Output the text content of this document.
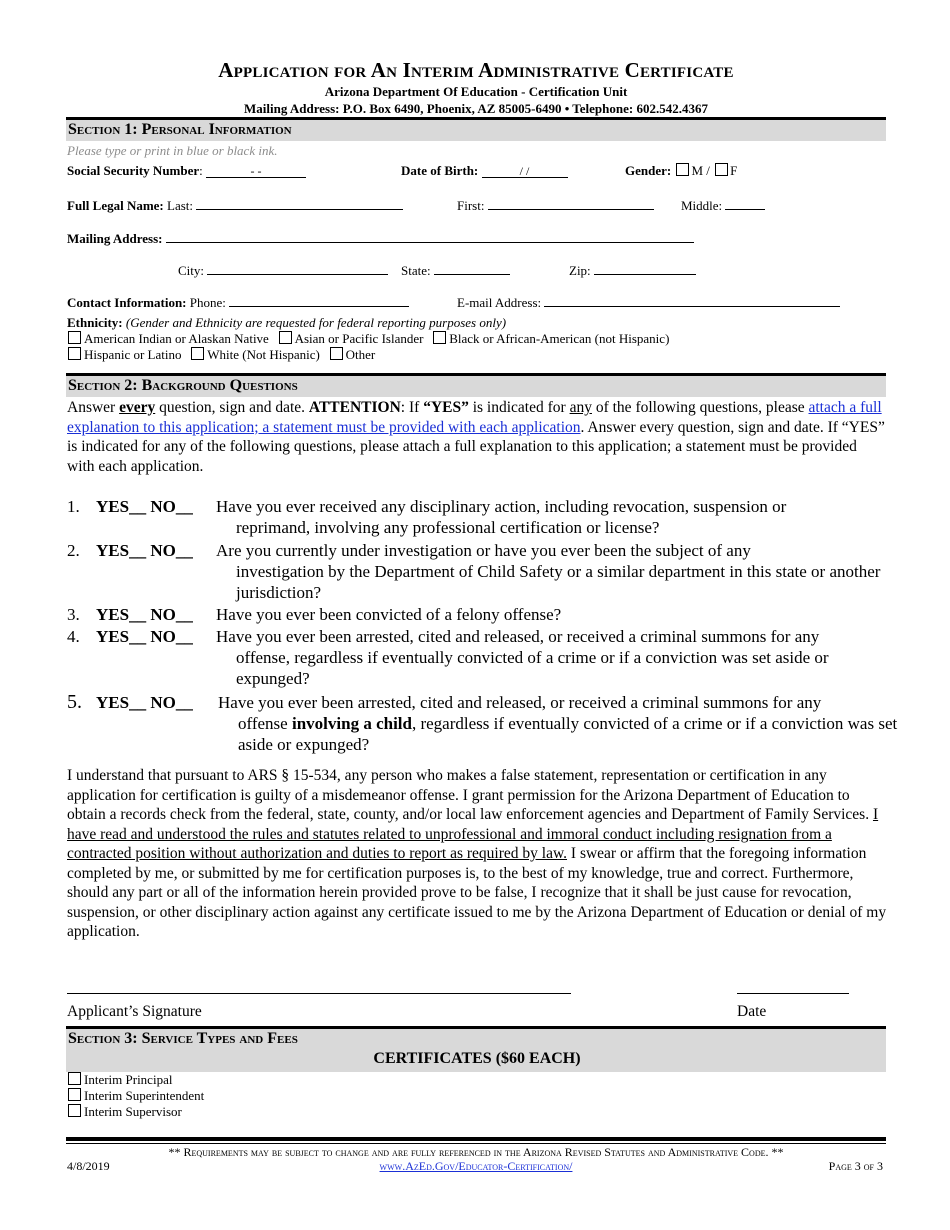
Application for An Interim Administrative Certificate
Arizona Department Of Education - Certification Unit
Mailing Address: P.O. Box 6490, Phoenix, AZ 85005-6490 • Telephone: 602.542.4367
Section 1: Personal Information
Please type or print in blue or black ink.
Social Security Number:	- -	Date of Birth:	/ /	Gender: M / F
Full Legal Name: Last:	First:	Middle:
Mailing Address:
City:	State:	Zip:
Contact Information: Phone:	E-mail Address:
Ethnicity: (Gender and Ethnicity are requested for federal reporting purposes only)
American Indian or Alaskan Native Asian or Pacific Islander Black or African-American (not Hispanic)
Hispanic or Latino White (Not Hispanic) Other
Section 2: Background Questions
Answer every question, sign and date. ATTENTION: If “YES” is indicated for any of the following questions, please attach a full explanation to this application; a statement must be provided with each application. Answer every question, sign and date. If “YES” is indicated for any of the following questions, please attach a full explanation to this application; a statement must be provided with each application.
1. YES__ NO__ Have you ever received any disciplinary action, including revocation, suspension or
reprimand, involving any professional certification or license?
2. YES__ NO__ Are you currently under investigation or have you ever been the subject of any
investigation by the Department of Child Safety or a similar department in this state or another jurisdiction?
3. YES__ NO__ Have you ever been convicted of a felony offense?
4. YES__ NO__ Have you ever been arrested, cited and released, or received a criminal summons for any
offense, regardless if eventually convicted of a crime or if a conviction was set aside or expunged?
5. YES__ NO__ Have you ever been arrested, cited and released, or received a criminal summons for any
offense involving a child, regardless if eventually convicted of a crime or if a conviction was set aside or expunged?
I understand that pursuant to ARS § 15-534, any person who makes a false statement, representation or certification in any application for certification is guilty of a misdemeanor offense. I grant permission for the Arizona Department of Education to obtain a records check from the federal, state, county, and/or local law enforcement agencies and Department of Family Services. I have read and understood the rules and statutes related to unprofessional and immoral conduct including resignation from a contracted position without authorization and duties to report as required by law. I swear or affirm that the foregoing information completed by me, or submitted by me for certification purposes is, to the best of my knowledge, true and correct. Furthermore, should any part or all of the information herein provided prove to be false, I recognize that it shall be just cause for revocation, suspension, or other disciplinary action against any certificate issued to me by the Arizona Department of Education or denial of my application.
Applicant’s Signature	Date
Section 3: Service Types and Fees
CERTIFICATES ($60 EACH)
Interim Principal
Interim Superintendent
Interim Supervisor
** Requirements may be subject to change and are fully referenced in the Arizona Revised Statutes and Administrative Code. **
4/8/2019	www.AzEd.Gov/Educator-Certification/	Page 3 of 3
